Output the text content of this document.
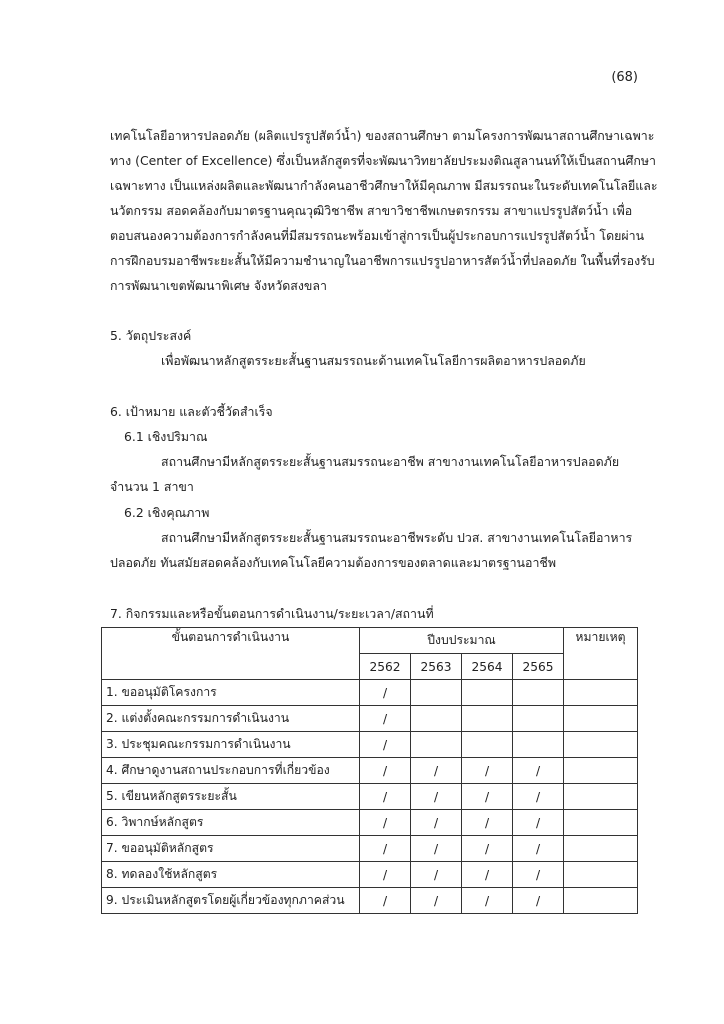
(68)
เทคโนโลยีอาหารปลอดภัย (ผลิตแปรรูปสัตว์น้ำ) ของสถานศึกษา ตามโครงการพัฒนาสถานศึกษาเฉพาะ
ทาง (Center of Excellence) ซึ่งเป็นหลักสูตรที่จะพัฒนาวิทยาลัยประมงติณสูลานนท์ให้เป็นสถานศึกษา
เฉพาะทาง เป็นแหล่งผลิตและพัฒนากำลังคนอาชีวศึกษาให้มีคุณภาพ มีสมรรถนะในระดับเทคโนโลยีและ
นวัตกรรม สอดคล้องกับมาตรฐานคุณวุฒิวิชาชีพ สาขาวิชาชีพเกษตรกรรม สาขาแปรรูปสัตว์น้ำ เพื่อ
ตอบสนองความต้องการกำลังคนที่มีสมรรถนะพร้อมเข้าสู่การเป็นผู้ประกอบการแปรรูปสัตว์น้ำ โดยผ่าน
การฝึกอบรมอาชีพระยะสั้นให้มีความชำนาญในอาชีพการแปรรูปอาหารสัตว์น้ำที่ปลอดภัย ในพื้นที่รองรับ
การพัฒนาเขตพัฒนาพิเศษ จังหวัดสงขลา
5. วัตถุประสงค์
เพื่อพัฒนาหลักสูตรระยะสั้นฐานสมรรถนะด้านเทคโนโลยีการผลิตอาหารปลอดภัย
6. เป้าหมาย และตัวชี้วัดสำเร็จ
6.1 เชิงปริมาณ
สถานศึกษามีหลักสูตรระยะสั้นฐานสมรรถนะอาชีพ สาขางานเทคโนโลยีอาหารปลอดภัย
จำนวน 1 สาขา
6.2 เชิงคุณภาพ
สถานศึกษามีหลักสูตรระยะสั้นฐานสมรรถนะอาชีพระดับ ปวส. สาขางานเทคโนโลยีอาหาร
ปลอดภัย ทันสมัยสอดคล้องกับเทคโนโลยีความต้องการของตลาดและมาตรฐานอาชีพ
7. กิจกรรมและหรือขั้นตอนการดำเนินงาน/ระยะเวลา/สถานที่
ขั้นตอนการดำเนินงาน	ปีงบประมาณ				หมายเหตุ
	2562	2563	2564	2565	
1. ขออนุมัติโครงการ	/				
2. แต่งตั้งคณะกรรมการดำเนินงาน	/				
3. ประชุมคณะกรรมการดำเนินงาน	/				
4. ศึกษาดูงานสถานประกอบการที่เกี่ยวข้อง	/	/	/	/	
5. เขียนหลักสูตรระยะสั้น	/	/	/	/	
6. วิพากษ์หลักสูตร	/	/	/	/	
7. ขออนุมัติหลักสูตร	/	/	/	/	
8. ทดลองใช้หลักสูตร	/	/	/	/	
9. ประเมินหลักสูตรโดยผู้เกี่ยวข้องทุกภาคส่วน	/	/	/	/	
